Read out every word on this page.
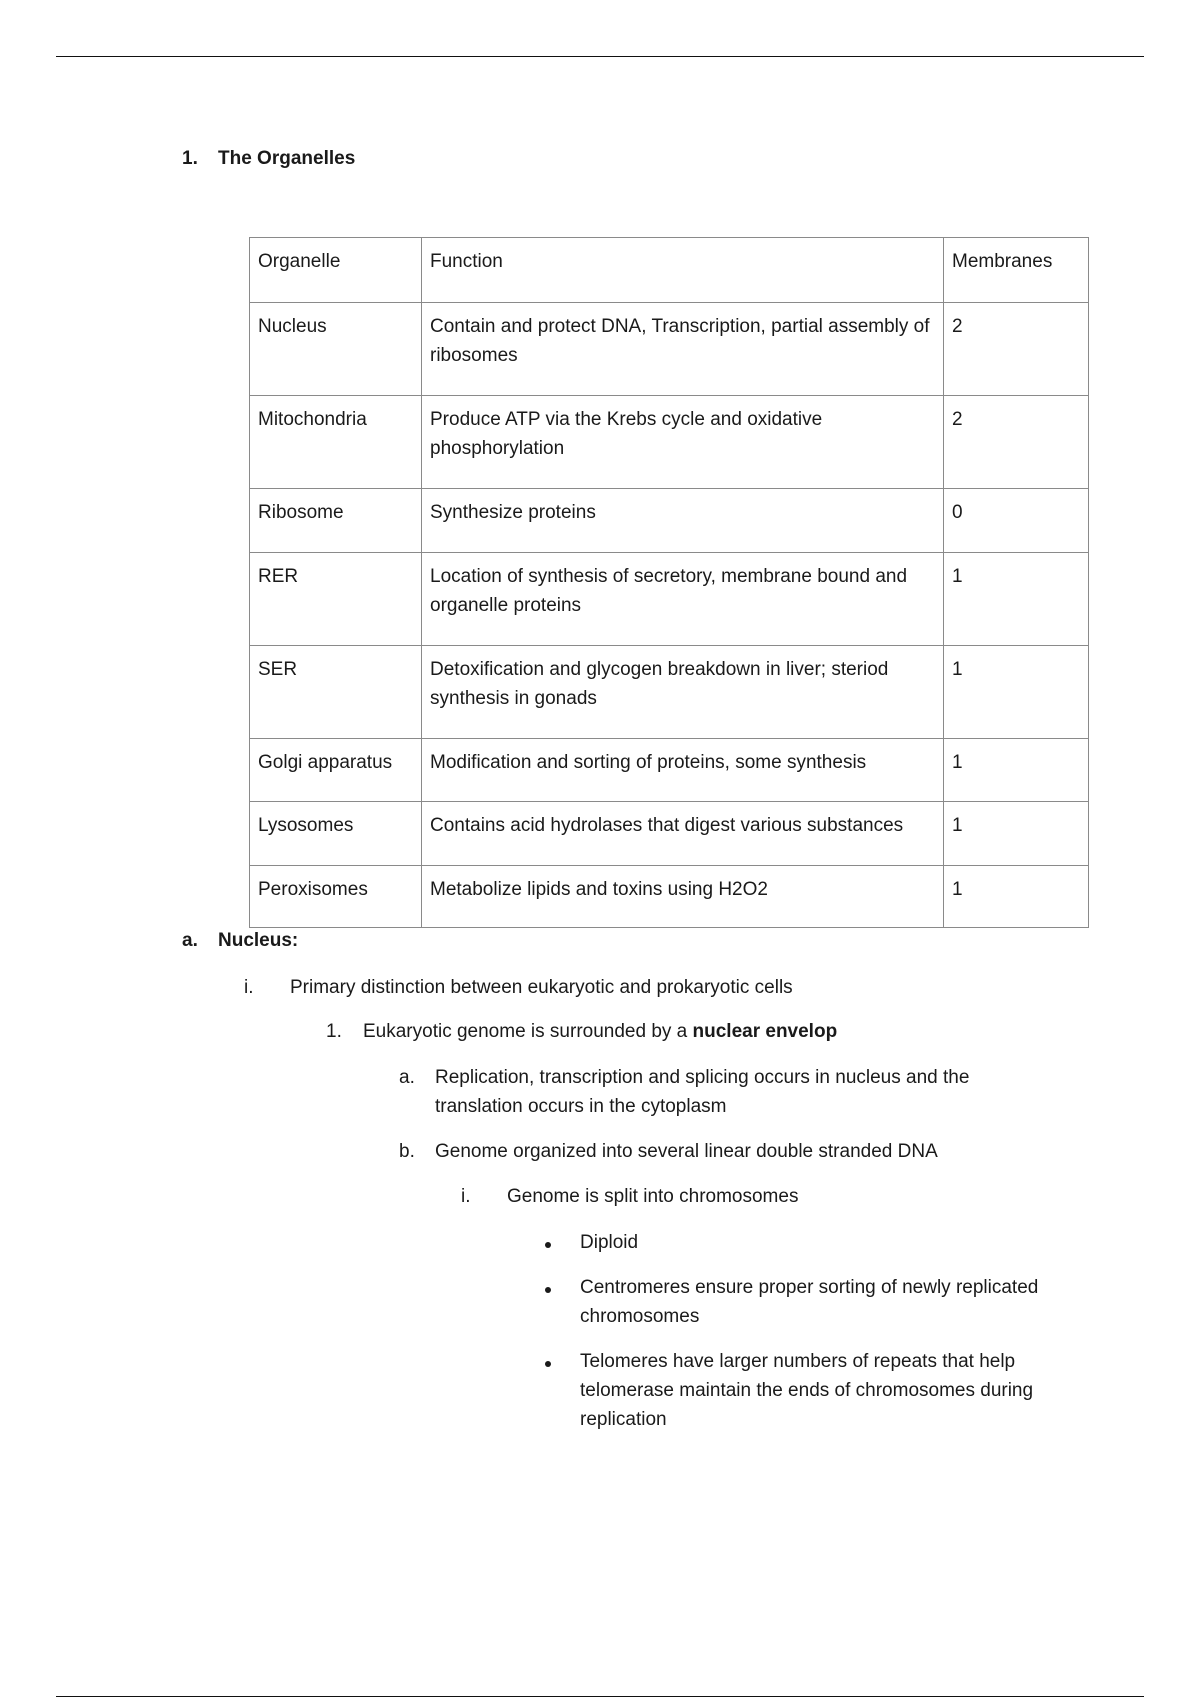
1.	The Organelles
Organelle	Function	Membranes
Nucleus	Contain and protect DNA, Transcription, partial assembly of ribosomes	2
Mitochondria	Produce ATP via the Krebs cycle and oxidative phosphorylation	2
Ribosome	Synthesize proteins	0
RER	Location of synthesis of secretory, membrane bound and organelle proteins	1
SER	Detoxification and glycogen breakdown in liver; steriod synthesis in gonads	1
Golgi apparatus	Modification and sorting of proteins, some synthesis	1
Lysosomes	Contains acid hydrolases that digest various substances	1
Peroxisomes	Metabolize lipids and toxins using H2O2	1
a.	Nucleus:
i.	Primary distinction between eukaryotic and prokaryotic cells
1.	Eukaryotic genome is surrounded by a nuclear envelop
a.	Replication, transcription and splicing occurs in nucleus and the translation occurs in the cytoplasm
b.	Genome organized into several linear double stranded DNA
i.	Genome is split into chromosomes
Diploid
Centromeres ensure proper sorting of newly replicated chromosomes
Telomeres have larger numbers of repeats that help telomerase maintain the ends of chromosomes during replication
